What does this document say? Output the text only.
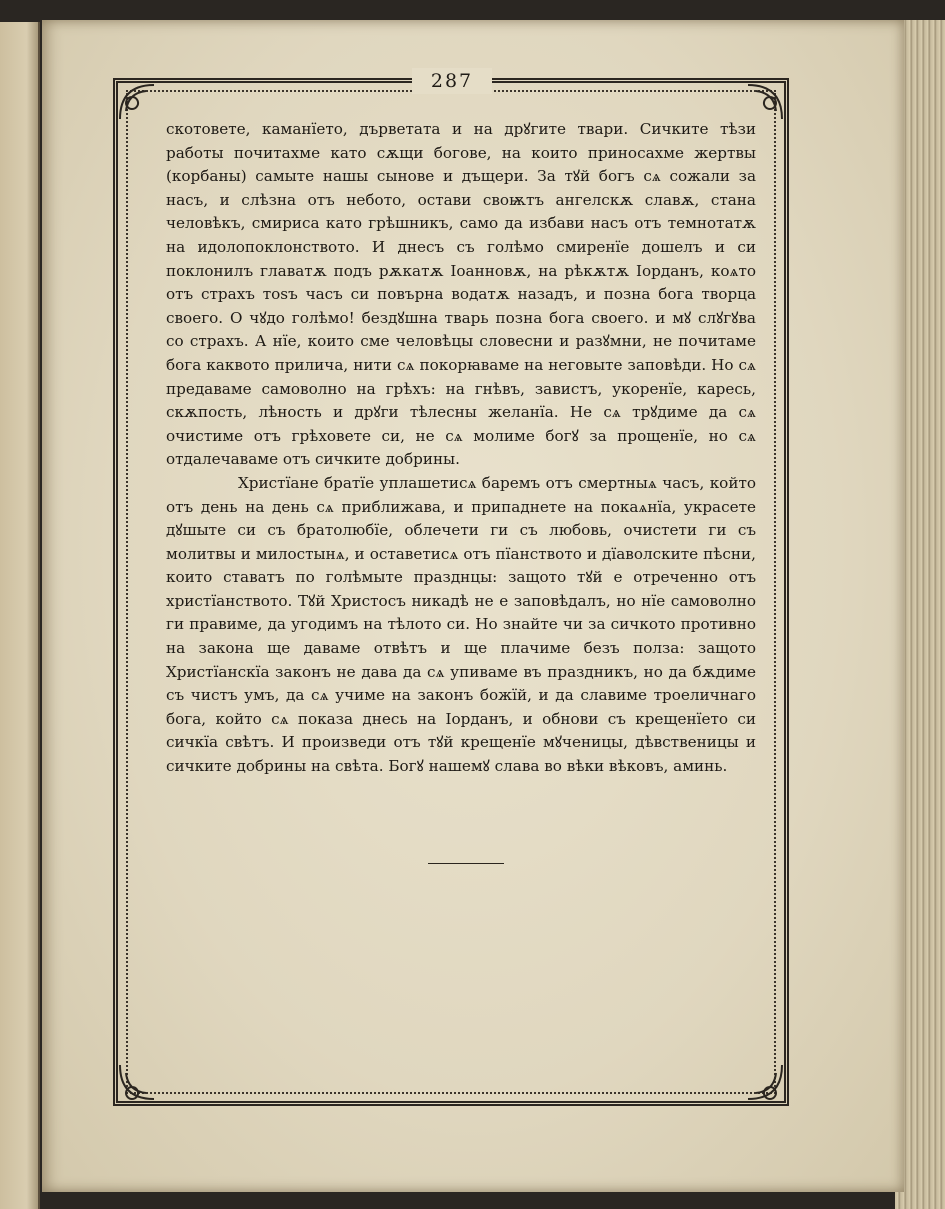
287

скотовете, каманїето, дърветата и на дрꙋгите твари. Сичките тѣзи работы почитахме като сѫщи богове, на които приносахме жертвы (корбаны) самыте нашы сынове и дъщери. За тꙋй богъ сѧ сожали за насъ, и слѣзна отъ небото, остави своѭтъ ангелскѫ славѫ, стана человѣкъ, смириса като грѣшникъ, само да избави насъ отъ темнотатѫ на идолопоклонството. И днесъ съ голѣмо смиренїе дошелъ и си поклонилъ главатѫ подъ рѫкатѫ Іоанновѫ, на рѣкѫтѫ Іорданъ, коѧто отъ страхъ тоѕъ часъ си повърна водатѫ назадъ, и позна бога творца своего. О чꙋдо голѣмо! бездꙋшна тварь позна бога своего. и мꙋ слꙋгꙋва со страхъ. А нїе, които сме человѣцы словесни и разꙋмни, не почитаме бога каквото прилича, нити сѧ покорꙗваме на неговыте заповѣди. Но сѧ предаваме самоволно на грѣхъ: на гнѣвъ, завистъ, укоренїе, каресь, скѫпость, лѣность и дрꙋги тѣлесны желанїа. Не сѧ трꙋдиме да сѧ очистиме отъ грѣховете си, не сѧ молиме богꙋ за прощенїе, но сѧ отдалечаваме отъ сичките добрины.

Христїане братїе уплашетисѧ баремъ отъ смертныѧ часъ, който отъ день на день сѧ приближава, и припаднете на покаѧнїа, украсете дꙋшыте си съ братолюбїе, облечети ги съ любовь, очистети ги съ молитвы и милостынѧ, и оставетисѧ отъ пїанството и дїаволските пѣсни, които ставатъ по голѣмыте празднцы: защото тꙋй е отреченно отъ христїанството. Тꙋй Христосъ никадѣ не е заповѣдалъ, но нїе самоволно ги правиме, да угодимъ на тѣлото си. Но знайте чи за сичкото противно на закона ще даваме отвѣтъ и ще плачиме безъ полза: защото Христїанскїа законъ не дава да сѧ упиваме въ праздникъ, но да бѫдиме съ чистъ умъ, да сѧ учиме на законъ божїй, и да славиме троеличнаго бога, който сѧ показа днесь на Іорданъ, и обнови съ крещенїето си сичкїа свѣтъ. И произведи отъ тꙋй крещенїе мꙋченицы, дѣвственицы и сичките добрины на свѣта. Богꙋ нашемꙋ слава во вѣки вѣковъ, аминь.
